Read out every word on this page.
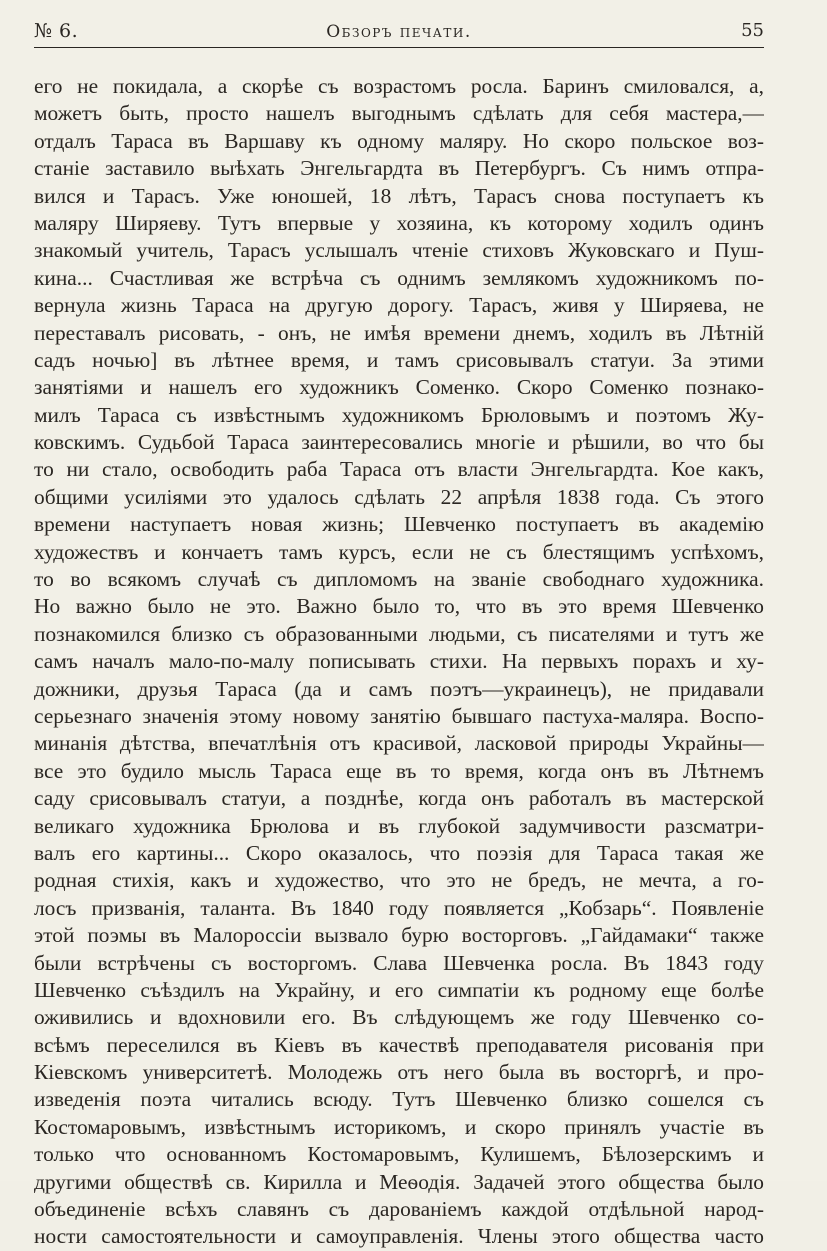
№ 6.	Обзоръ печати.	55
его не покидала, а скорѣе съ возрастомъ росла. Баринъ смиловался, а,
можетъ быть, просто нашелъ выгоднымъ сдѣлать для себя мастера,—
отдалъ Тараса въ Варшаву къ одному маляру. Но скоро польское воз-
станіе заставило выѣхать Энгельгардта въ Петербургъ. Съ нимъ отпра-
вился и Тарасъ. Уже юношей, 18 лѣтъ, Тарасъ снова поступаетъ къ
маляру Ширяеву. Тутъ впервые у хозяина, къ которому ходилъ одинъ
знакомый учитель, Тарасъ услышалъ чтеніе стиховъ Жуковскаго и Пуш-
кина... Счастливая же встрѣча съ однимъ землякомъ художникомъ по-
вернула жизнь Тараса на другую дорогу. Тарасъ, живя у Ширяева, не
переставалъ рисовать, - онъ, не имѣя времени днемъ, ходилъ въ Лѣтній
садъ ночью] въ лѣтнее время, и тамъ срисовывалъ статуи. За этими
занятіями и нашелъ его художникъ Соменко. Скоро Соменко познако-
милъ Тараса съ извѣстнымъ художникомъ Брюловымъ и поэтомъ Жу-
ковскимъ. Судьбой Тараса заинтересовались многіе и рѣшили, во что бы
то ни стало, освободить раба Тараса отъ власти Энгельгардта. Кое какъ,
общими усиліями это удалось сдѣлать 22 апрѣля 1838 года. Съ этого
времени наступаетъ новая жизнь; Шевченко поступаетъ въ академію
художествъ и кончаетъ тамъ курсъ, если не съ блестящимъ успѣхомъ,
то во всякомъ случаѣ съ дипломомъ на званіе свободнаго художника.
Но важно было не это. Важно было то, что въ это время Шевченко
познакомился близко съ образованными людьми, съ писателями и тутъ же
самъ началъ мало-по-малу пописывать стихи. На первыхъ порахъ и ху-
дожники, друзья Тараса (да и самъ поэтъ—украинецъ), не придавали
серьезнаго значенія этому новому занятію бывшаго пастуха-маляра. Воспо-
минанія дѣтства, впечатлѣнія отъ красивой, ласковой природы Украйны—
все это будило мысль Тараса еще въ то время, когда онъ въ Лѣтнемъ
саду срисовывалъ статуи, а позднѣе, когда онъ работалъ въ мастерской
великаго художника Брюлова и въ глубокой задумчивости разсматри-
валъ его картины... Скоро оказалось, что поэзія для Тараса такая же
родная стихія, какъ и художество, что это не бредъ, не мечта, а го-
лосъ призванія, таланта. Въ 1840 году появляется „Кобзарь“. Появленіе
этой поэмы въ Малороссіи вызвало бурю восторговъ. „Гайдамаки“ также
были встрѣчены съ восторгомъ. Слава Шевченка росла. Въ 1843 году
Шевченко съѣздилъ на Украйну, и его симпатіи къ родному еще болѣе
оживились и вдохновили его. Въ слѣдующемъ же году Шевченко со-
всѣмъ переселился въ Кіевъ въ качествѣ преподавателя рисованія при
Кіевскомъ университетѣ. Молодежь отъ него была въ восторгѣ, и про-
изведенія поэта читались всюду. Тутъ Шевченко близко сошелся съ
Костомаровымъ, извѣстнымъ историкомъ, и скоро принялъ участіе въ
только что основанномъ Костомаровымъ, Кулишемъ, Бѣлозерскимъ и
другими обществѣ св. Кирилла и Меѳодія. Задачей этого общества было
объединеніе всѣхъ славянъ съ дарованіемъ каждой отдѣльной народ-
ности самостоятельности и самоуправленія. Члены этого общества часто
